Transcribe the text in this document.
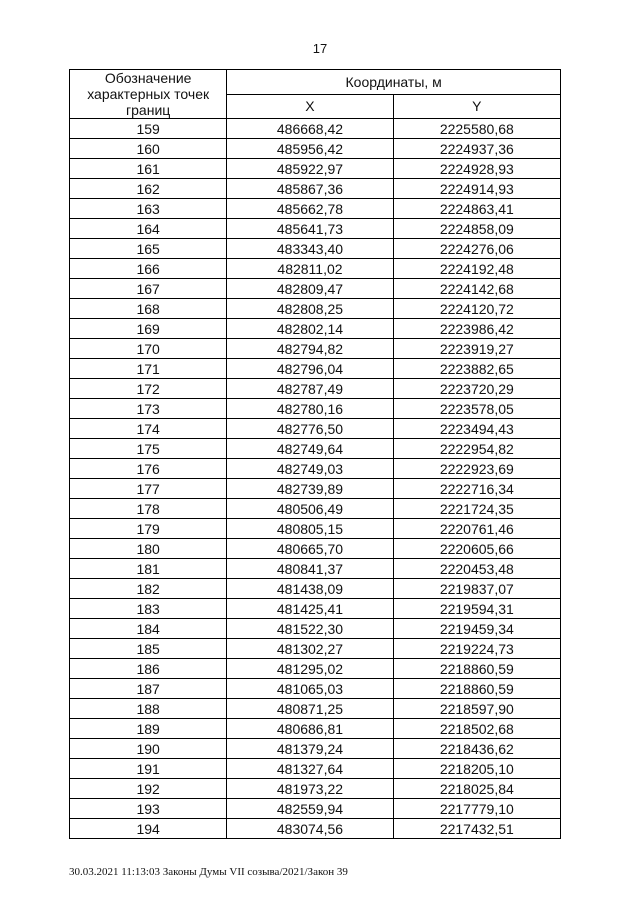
17
Обозначение характерных точек границ	Координаты, м	
	X	Y
159	486668,42	2225580,68
160	485956,42	2224937,36
161	485922,97	2224928,93
162	485867,36	2224914,93
163	485662,78	2224863,41
164	485641,73	2224858,09
165	483343,40	2224276,06
166	482811,02	2224192,48
167	482809,47	2224142,68
168	482808,25	2224120,72
169	482802,14	2223986,42
170	482794,82	2223919,27
171	482796,04	2223882,65
172	482787,49	2223720,29
173	482780,16	2223578,05
174	482776,50	2223494,43
175	482749,64	2222954,82
176	482749,03	2222923,69
177	482739,89	2222716,34
178	480506,49	2221724,35
179	480805,15	2220761,46
180	480665,70	2220605,66
181	480841,37	2220453,48
182	481438,09	2219837,07
183	481425,41	2219594,31
184	481522,30	2219459,34
185	481302,27	2219224,73
186	481295,02	2218860,59
187	481065,03	2218860,59
188	480871,25	2218597,90
189	480686,81	2218502,68
190	481379,24	2218436,62
191	481327,64	2218205,10
192	481973,22	2218025,84
193	482559,94	2217779,10
194	483074,56	2217432,51
30.03.2021 11:13:03 Законы Думы VII созыва/2021/Закон 39
